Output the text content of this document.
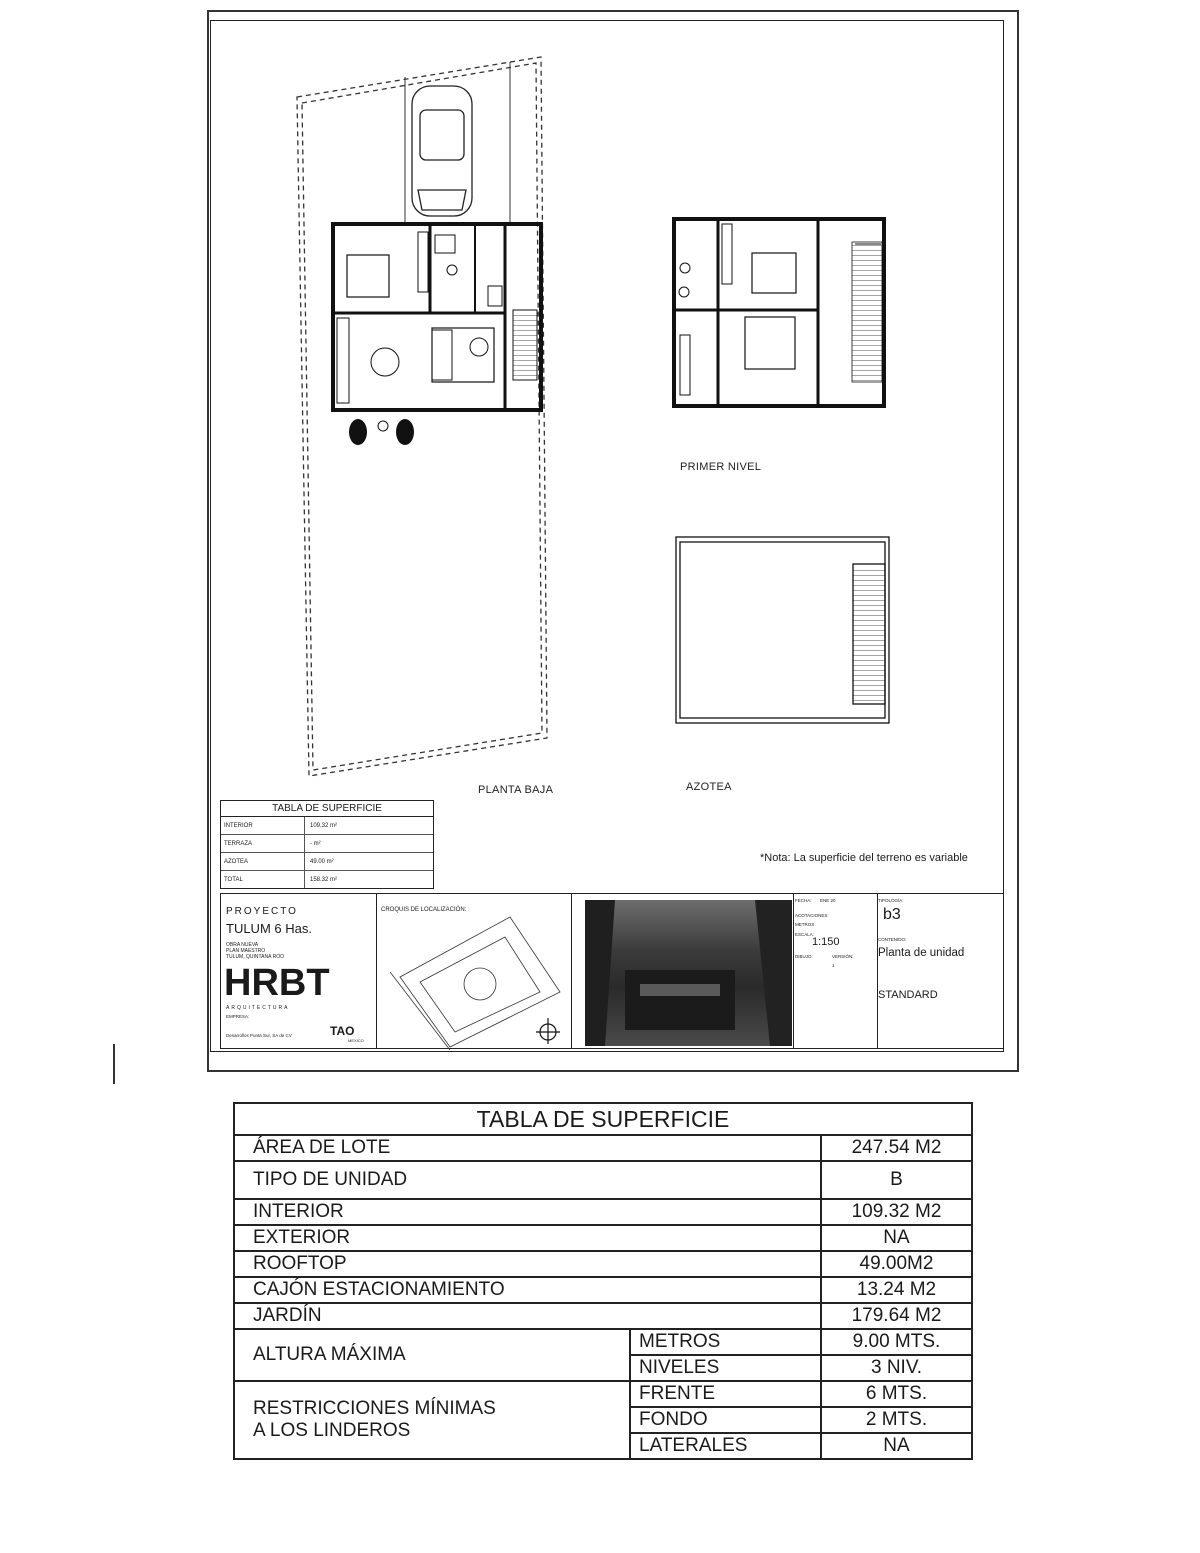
PRIMER NIVEL
PLANTA BAJA	AZOTEA
TABLA DE SUPERFICIE
INTERIOR	109.32 m²
TERRAZA	- m²
AZOTEA	49.00 m²
TOTAL	158.32 m²
*Nota: La superficie del terreno es variable
PROYECTO
TULUM 6 Has.
OBRA NUEVA
PLAN MAESTRO
TULUM, QUINTANA ROO
HRBT
ARQUITECTURA
EMPRESA:
Desarrollos Punta Sur, SA de CV	TAO
MEXICO
CROQUIS DE LOCALIZACIÓN:
FECHA: ENE 20
ACOTACIONES:
METROS
ESCALA:
1:150
DIBUJO:	VERSIÓN:
1
TIPOLOGÍA:
b3
CONTENIDO:
Planta de unidad
STANDARD
TABLA DE SUPERFICIE		
ÁREA DE LOTE		247.54 M2
TIPO DE UNIDAD		B
INTERIOR		109.32 M2
EXTERIOR		NA
ROOFTOP		49.00M2
CAJÓN ESTACIONAMIENTO		13.24 M2
JARDÍN		179.64 M2
ALTURA MÁXIMA	METROS	9.00 MTS.
	NIVELES	3 NIV.

RESTRICCIONES MÍNIMAS
A LOS LINDEROS	FRENTE	6 MTS.
	FONDO	2 MTS.
	LATERALES	NA
